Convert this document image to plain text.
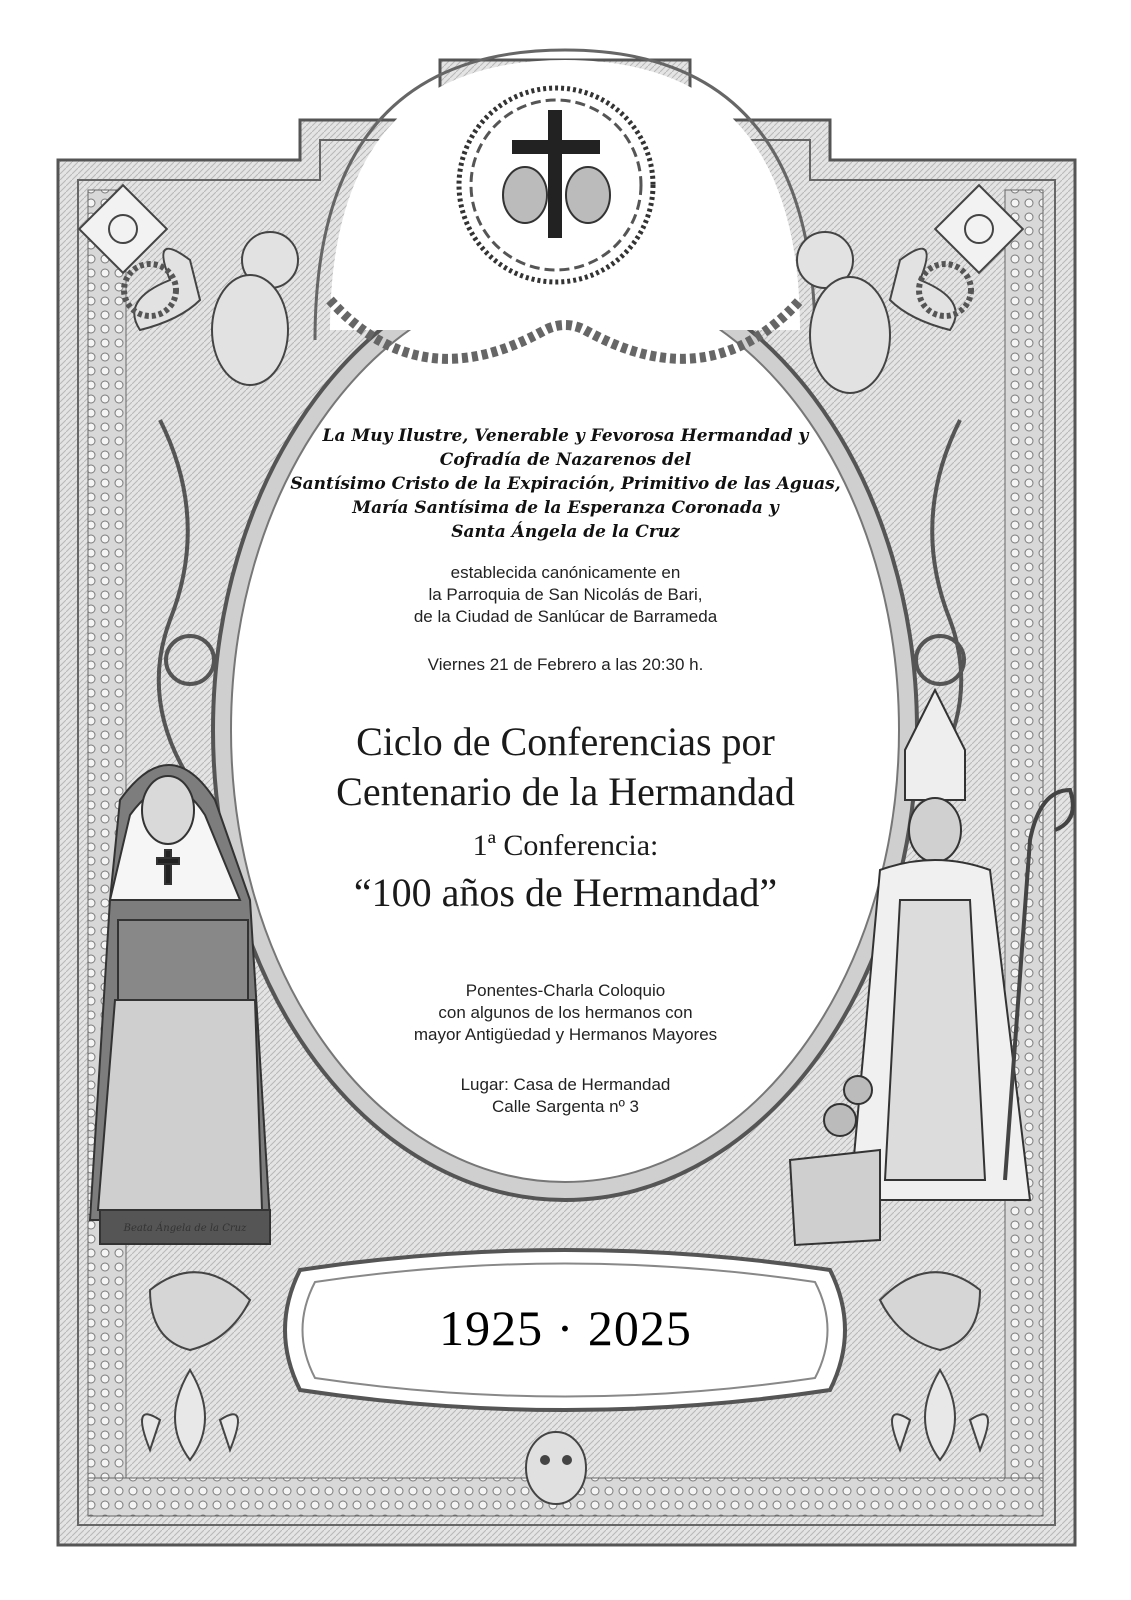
Beata Ángela de la Cruz
La Muy Ilustre, Venerable y Fevorosa Hermandad y
Cofradía de Nazarenos del
Santísimo Cristo de la Expiración, Primitivo de las Aguas,
María Santísima de la Esperanza Coronada y
Santa Ángela de la Cruz
establecida canónicamente en
la Parroquia de San Nicolás de Bari,
de la Ciudad de Sanlúcar de Barrameda
Viernes 21 de Febrero a las 20:30 h.
Ciclo de Conferencias por
Centenario de la Hermandad
1ª Conferencia:
“100 años de Hermandad”
Ponentes-Charla Coloquio
con algunos de los hermanos con
mayor Antigüedad y Hermanos Mayores
Lugar: Casa de Hermandad
Calle Sargenta nº 3
1925 · 2025
